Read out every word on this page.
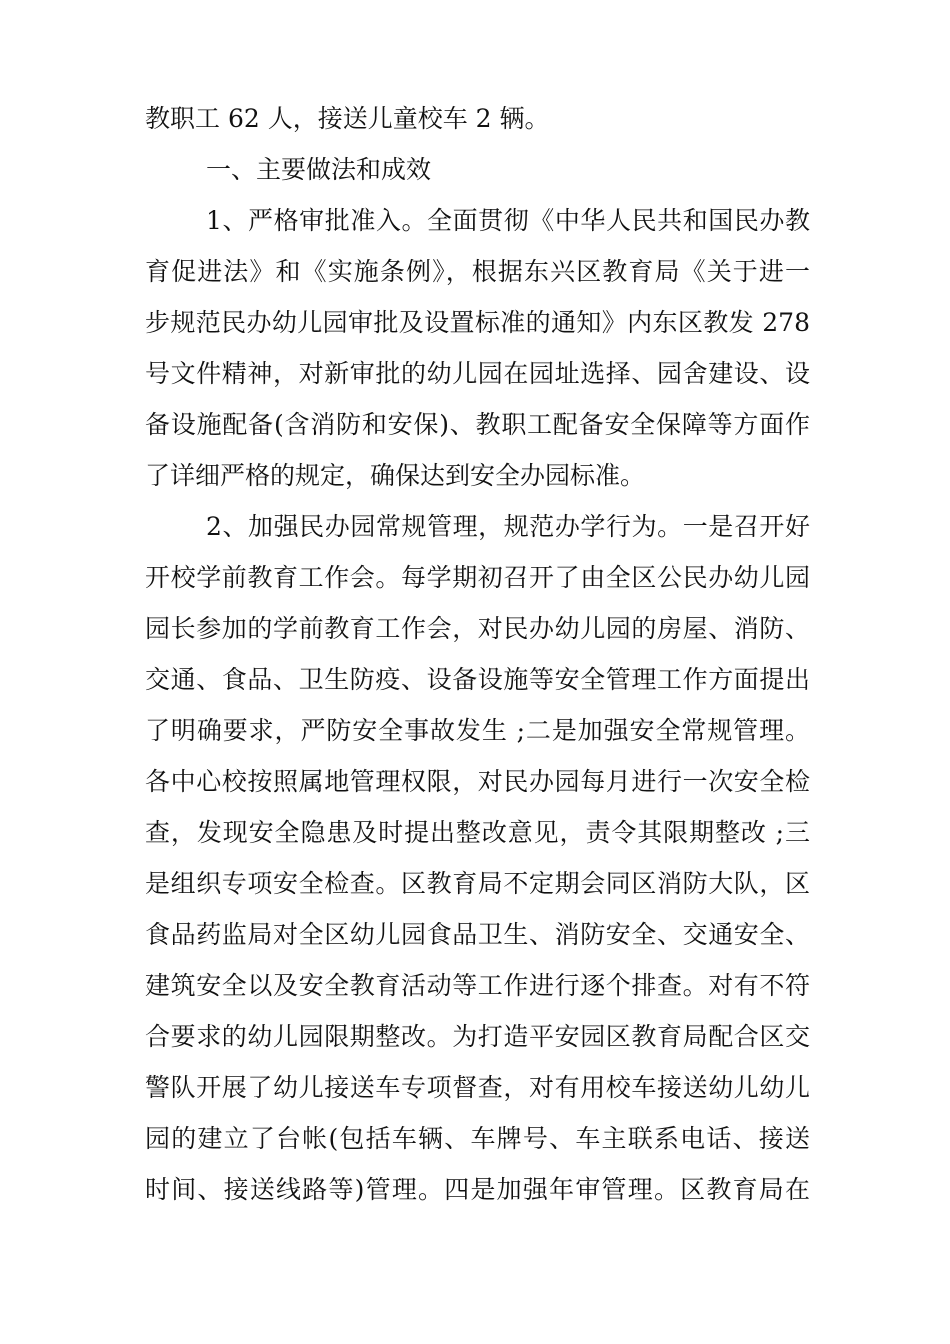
教职工 62 人，接送儿童校车 2 辆。
一、主要做法和成效
1、严格审批准入。全面贯彻《中华人民共和国民办教
育促进法》和《实施条例》，根据东兴区教育局《关于进一
步规范民办幼儿园审批及设置标准的通知》内东区教发 278
号文件精神，对新审批的幼儿园在园址选择、园舍建设、设
备设施配备(含消防和安保)、教职工配备安全保障等方面作
了详细严格的规定，确保达到安全办园标准。
2、加强民办园常规管理，规范办学行为。一是召开好
开校学前教育工作会。每学期初召开了由全区公民办幼儿园
园长参加的学前教育工作会，对民办幼儿园的房屋、消防、
交通、食品、卫生防疫、设备设施等安全管理工作方面提出
了明确要求，严防安全事故发生 ;二是加强安全常规管理。
各中心校按照属地管理权限，对民办园每月进行一次安全检
查，发现安全隐患及时提出整改意见，责令其限期整改 ;三
是组织专项安全检查。区教育局不定期会同区消防大队，区
食品药监局对全区幼儿园食品卫生、消防安全、交通安全、
建筑安全以及安全教育活动等工作进行逐个排查。对有不符
合要求的幼儿园限期整改。为打造平安园区教育局配合区交
警队开展了幼儿接送车专项督查，对有用校车接送幼儿幼儿
园的建立了台帐(包括车辆、车牌号、车主联系电话、接送
时间、接送线路等)管理。四是加强年审管理。区教育局在
